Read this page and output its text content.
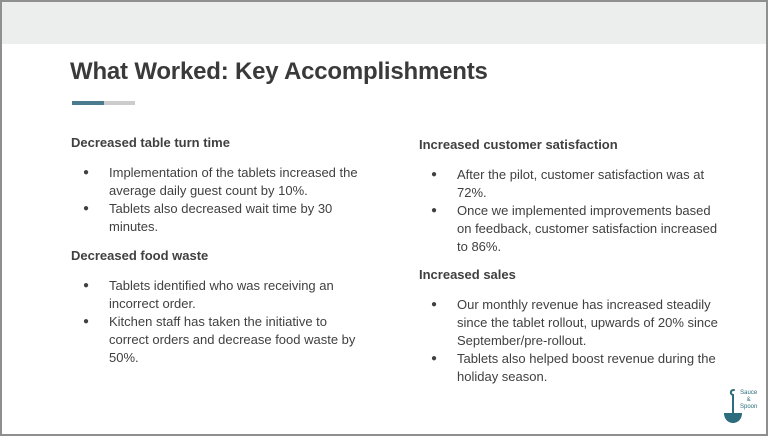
What Worked: Key Accomplishments
Decreased table turn time
● Implementation of the tablets increased the average daily guest count by 10%.
● Tablets also decreased wait time by 30 minutes.
Decreased food waste
● Tablets identified who was receiving an incorrect order.
● Kitchen staff has taken the initiative to correct orders and decrease food waste by 50%.
Increased customer satisfaction
● After the pilot, customer satisfaction was at 72%.
● Once we implemented improvements based on feedback, customer satisfaction increased to 86%.
Increased sales
● Our monthly revenue has increased steadily since the tablet rollout, upwards of 20% since September/pre-rollout.
● Tablets also helped boost revenue during the holiday season.
Sauce
&
Spoon
